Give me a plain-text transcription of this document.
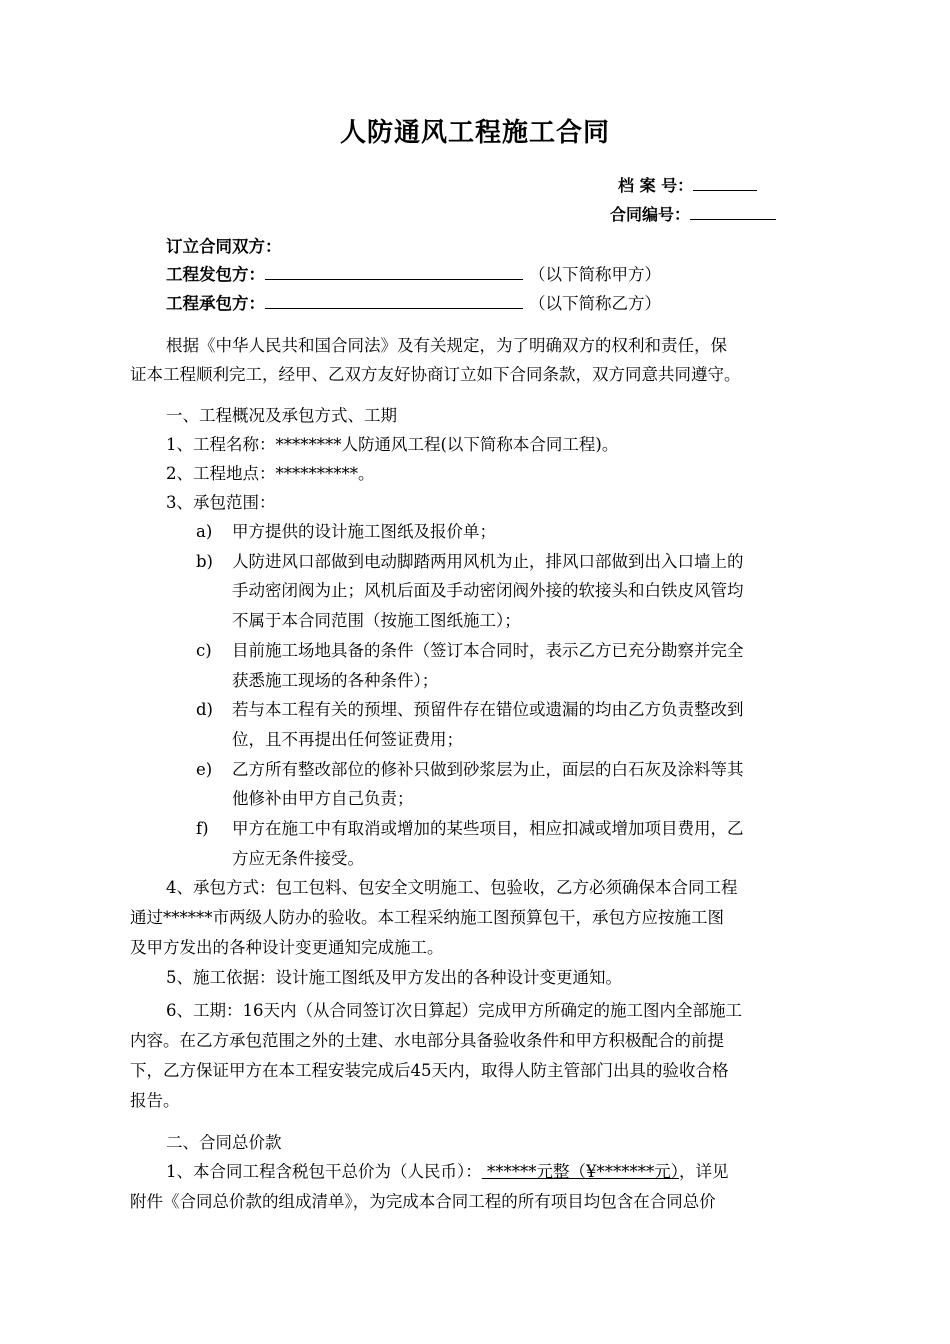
人防通风工程施工合同
档 案 号：
合同编号：
订立合同双方：
工程发包方：	（以下简称甲方）
工程承包方：	（以下简称乙方）
根据《中华人民共和国合同法》及有关规定，为了明确双方的权利和责任，保
证本工程顺利完工，经甲、乙双方友好协商订立如下合同条款，双方同意共同遵守。
一、工程概况及承包方式、工期
1、工程名称：********人防通风工程(以下简称本合同工程)。
2、工程地点：**********。
3、承包范围：
a) 甲方提供的设计施工图纸及报价单；
b) 人防进风口部做到电动脚踏两用风机为止，排风口部做到出入口墙上的
手动密闭阀为止；风机后面及手动密闭阀外接的软接头和白铁皮风管均
不属于本合同范围（按施工图纸施工）；
c) 目前施工场地具备的条件（签订本合同时，表示乙方已充分勘察并完全
获悉施工现场的各种条件）；
d) 若与本工程有关的预埋、预留件存在错位或遗漏的均由乙方负责整改到
位，且不再提出任何签证费用；
e) 乙方所有整改部位的修补只做到砂浆层为止，面层的白石灰及涂料等其
他修补由甲方自己负责；
f) 甲方在施工中有取消或增加的某些项目，相应扣减或增加项目费用，乙
方应无条件接受。
4、承包方式：包工包料、包安全文明施工、包验收，乙方必须确保本合同工程
通过******市两级人防办的验收。本工程采纳施工图预算包干，承包方应按施工图
及甲方发出的各种设计变更通知完成施工。
5、施工依据：设计施工图纸及甲方发出的各种设计变更通知。
6、工期：16天内（从合同签订次日算起）完成甲方所确定的施工图内全部施工
内容。在乙方承包范围之外的土建、水电部分具备验收条件和甲方积极配合的前提
下，乙方保证甲方在本工程安装完成后45天内，取得人防主管部门出具的验收合格
报告。
二、合同总价款
1、本合同工程含税包干总价为（人民币）： ******元整（¥*******元），详见
附件《合同总价款的组成清单》，为完成本合同工程的所有项目均包含在合同总价
